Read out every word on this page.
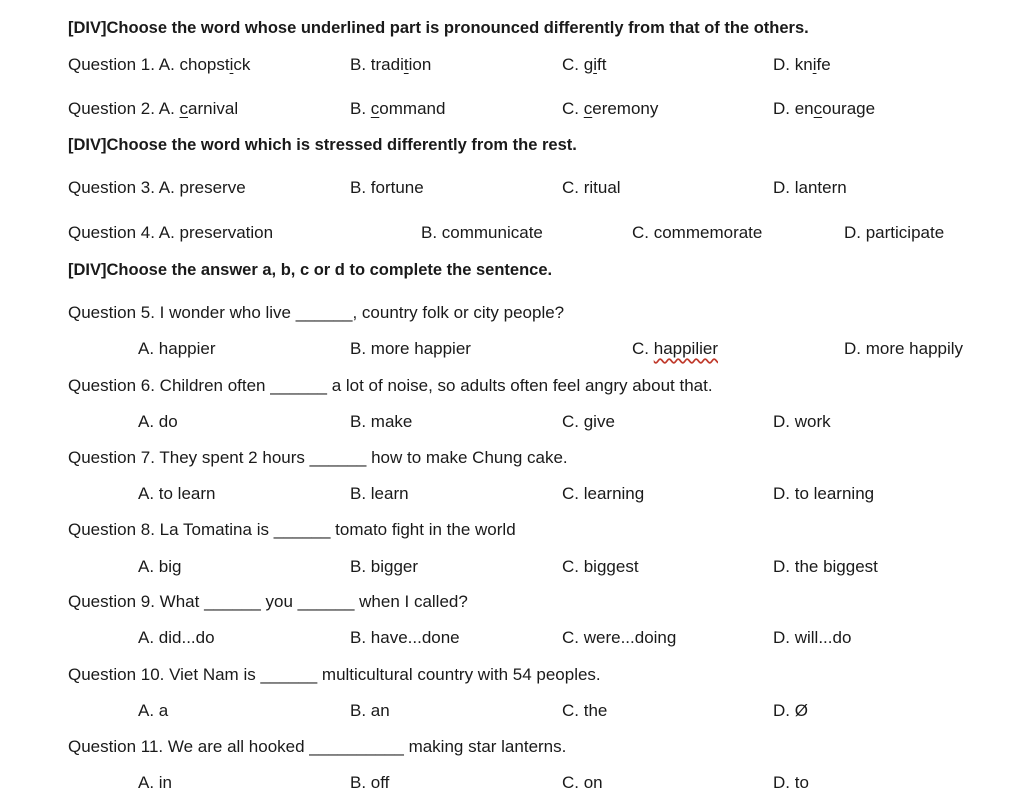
[DIV]Choose the word whose underlined part is pronounced differently from that of the others.
Question 1. A. chopstick	B. tradition	C. gift	D. knife
Question 2. A. carnival	B. command	C. ceremony	D. encourage
[DIV]Choose the word which is stressed differently from the rest.
Question 3. A. preserve	B. fortune	C. ritual	D. lantern
Question 4. A. preservation	B. communicate	C. commemorate	D. participate
[DIV]Choose the answer a, b, c or d to complete the sentence.
Question 5. I wonder who live ______, country folk or city people?
A. happier	B. more happier	C. happilier	D. more happily
Question 6. Children often ______ a lot of noise, so adults often feel angry about that.
A. do	B. make	C. give	D. work
Question 7. They spent 2 hours ______ how to make Chung cake.
A. to learn	B. learn	C. learning	D. to learning
Question 8. La Tomatina is ______ tomato fight in the world
A. big	B. bigger	C. biggest	D. the biggest
Question 9. What ______ you ______ when I called?
A. did...do	B. have...done	C. were...doing	D. will...do
Question 10. Viet Nam is ______ multicultural country with 54 peoples.
A. a	B. an	C. the	D. Ø
Question 11. We are all hooked __________ making star lanterns.
A. in	B. off	C. on	D. to
